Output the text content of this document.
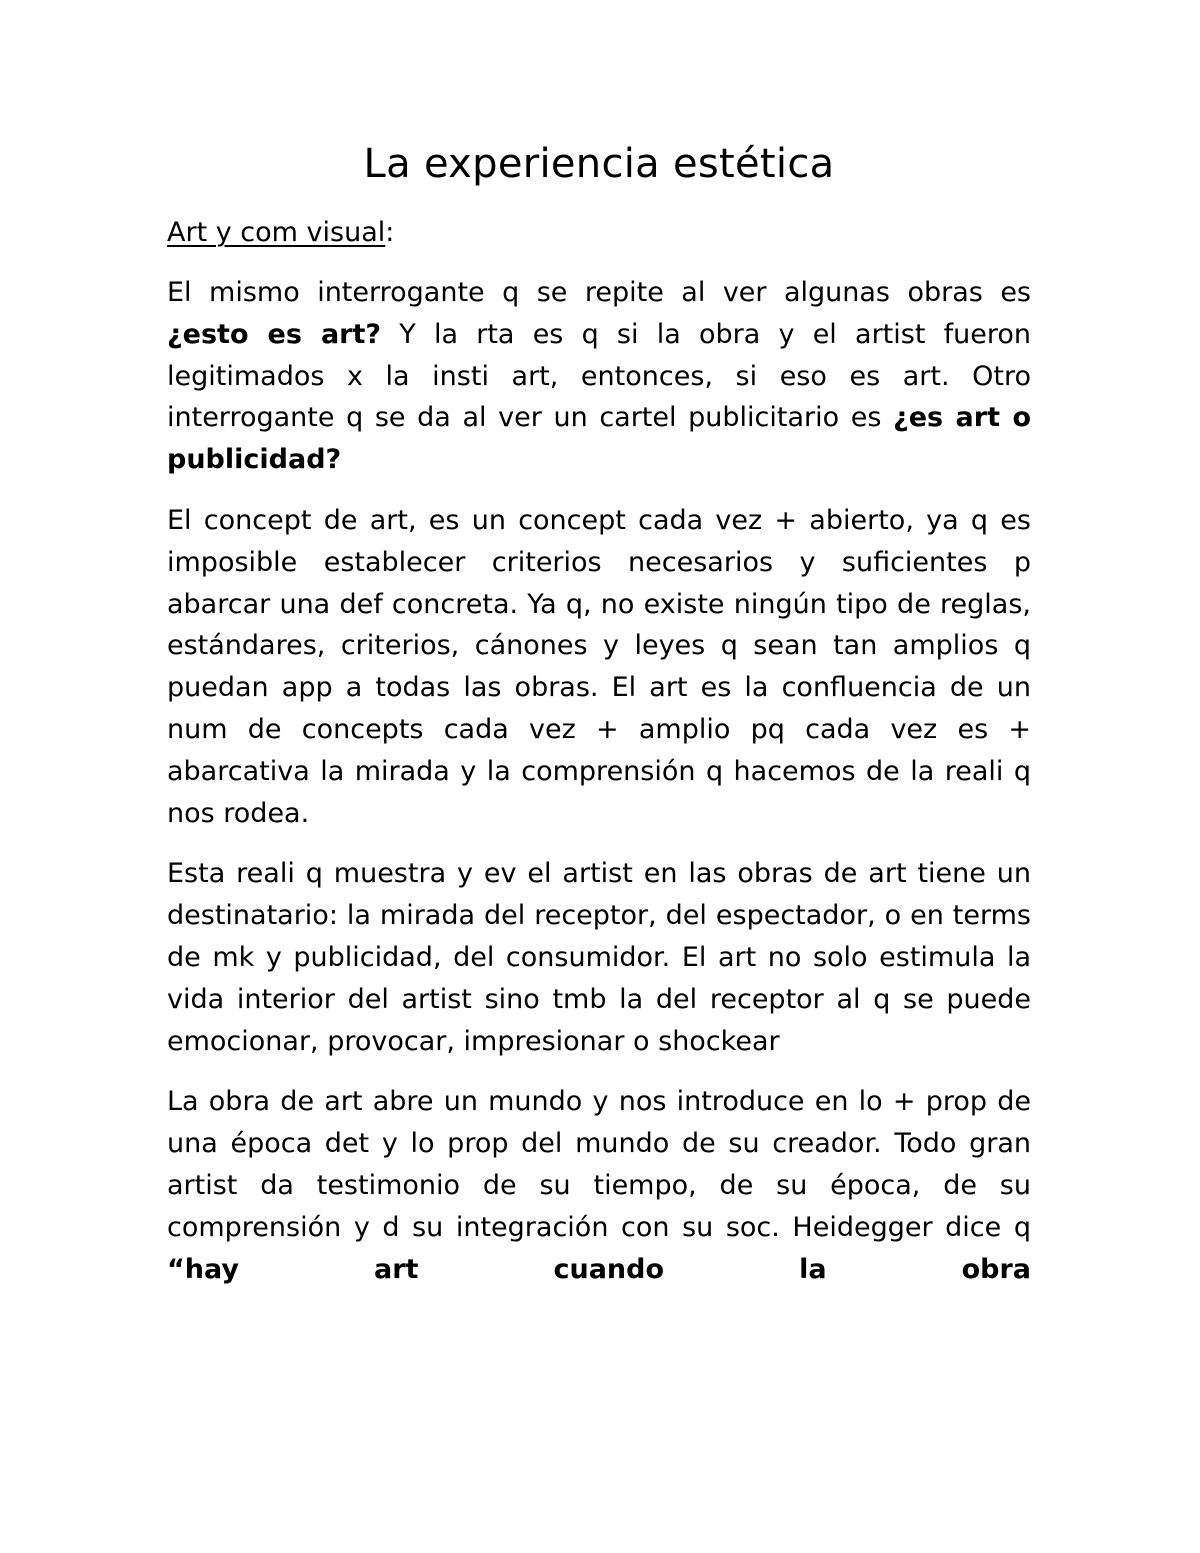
La experiencia estética
Art y com visual:

El mismo interrogante q se repite al ver algunas obras es ¿esto es art? Y la rta es q si la obra y el artist fueron legitimados x la insti art, entonces, si eso es art. Otro interrogante q se da al ver un cartel publicitario es ¿es art o publicidad?

El concept de art, es un concept cada vez + abierto, ya q es imposible establecer criterios necesarios y suficientes p abarcar una def concreta. Ya q, no existe ningún tipo de reglas, estándares, criterios, cánones y leyes q sean tan amplios q puedan app a todas las obras. El art es la confluencia de un num de concepts cada vez + amplio pq cada vez es + abarcativa la mirada y la comprensión q hacemos de la reali q nos rodea.

Esta reali q muestra y ev el artist en las obras de art tiene un destinatario: la mirada del receptor, del espectador, o en terms de mk y publicidad, del consumidor. El art no solo estimula la vida interior del artist sino tmb la del receptor al q se puede emocionar, provocar, impresionar o shockear

La obra de art abre un mundo y nos introduce en lo + prop de una época det y lo prop del mundo de su creador. Todo gran artist da testimonio de su tiempo, de su época, de su comprensión y d su integración con su soc. Heidegger dice q “hay art cuando la obra
